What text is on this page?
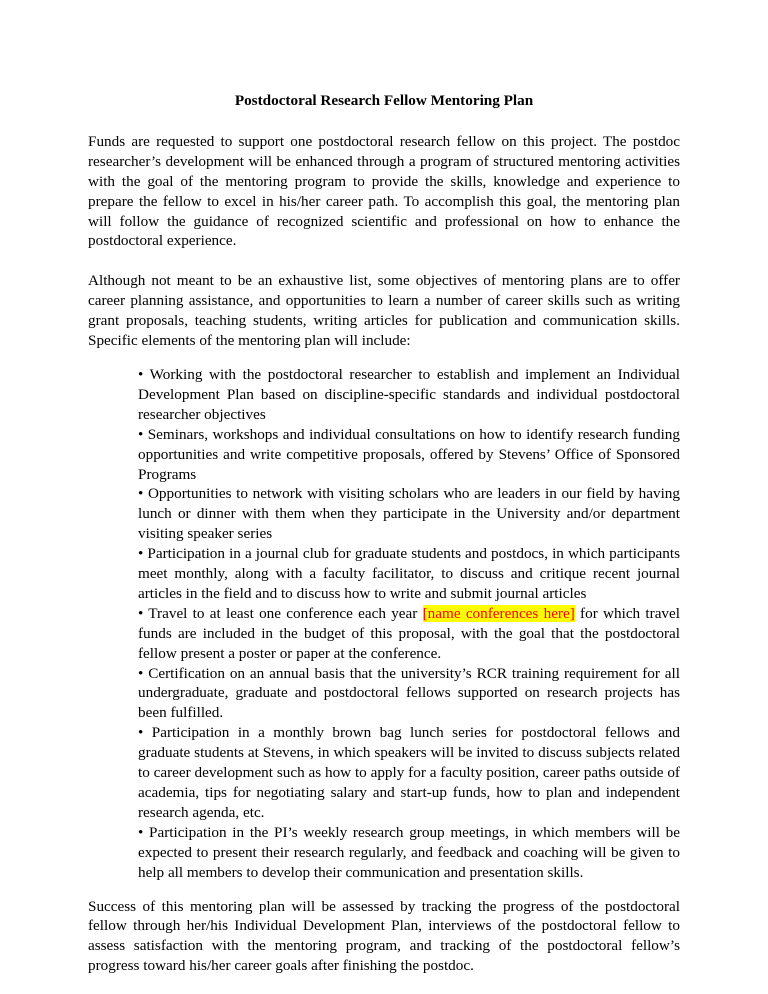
Postdoctoral Research Fellow Mentoring Plan

Funds are requested to support one postdoctoral research fellow on this project. The postdoc researcher’s development will be enhanced through a program of structured mentoring activities with the goal of the mentoring program to provide the skills, knowledge and experience to prepare the fellow to excel in his/her career path. To accomplish this goal, the mentoring plan will follow the guidance of recognized scientific and professional on how to enhance the postdoctoral experience.

Although not meant to be an exhaustive list, some objectives of mentoring plans are to offer career planning assistance, and opportunities to learn a number of career skills such as writing grant proposals, teaching students, writing articles for publication and communication skills. Specific elements of the mentoring plan will include:

• Working with the postdoctoral researcher to establish and implement an Individual Development Plan based on discipline-specific standards and individual postdoctoral researcher objectives
• Seminars, workshops and individual consultations on how to identify research funding opportunities and write competitive proposals, offered by Stevens’ Office of Sponsored Programs
• Opportunities to network with visiting scholars who are leaders in our field by having lunch or dinner with them when they participate in the University and/or department visiting speaker series
• Participation in a journal club for graduate students and postdocs, in which participants meet monthly, along with a faculty facilitator, to discuss and critique recent journal articles in the field and to discuss how to write and submit journal articles
• Travel to at least one conference each year [name conferences here] for which travel funds are included in the budget of this proposal, with the goal that the postdoctoral fellow present a poster or paper at the conference.
• Certification on an annual basis that the university’s RCR training requirement for all undergraduate, graduate and postdoctoral fellows supported on research projects has been fulfilled.
• Participation in a monthly brown bag lunch series for postdoctoral fellows and graduate students at Stevens, in which speakers will be invited to discuss subjects related to career development such as how to apply for a faculty position, career paths outside of academia, tips for negotiating salary and start-up funds, how to plan and independent research agenda, etc.
• Participation in the PI’s weekly research group meetings, in which members will be expected to present their research regularly, and feedback and coaching will be given to help all members to develop their communication and presentation skills.

Success of this mentoring plan will be assessed by tracking the progress of the postdoctoral fellow through her/his Individual Development Plan, interviews of the postdoctoral fellow to assess satisfaction with the mentoring program, and tracking of the postdoctoral fellow’s progress toward his/her career goals after finishing the postdoc.
